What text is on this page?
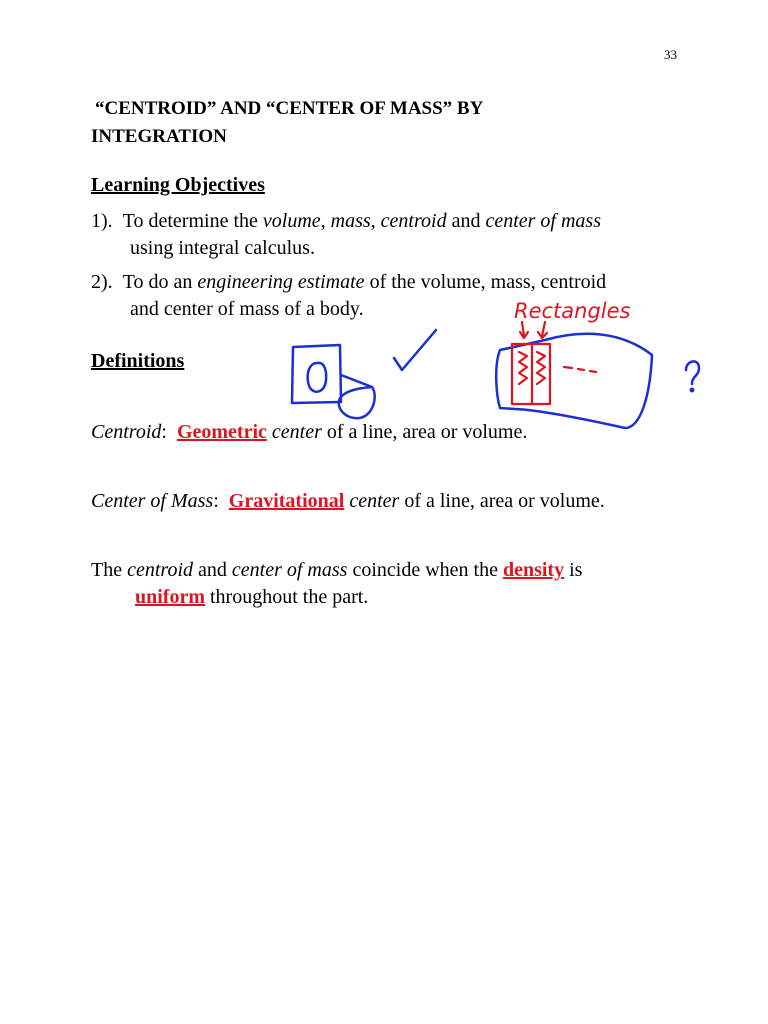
33
“CENTROID” AND “CENTER OF MASS” BY
INTEGRATION
Learning Objectives
1). To determine the volume, mass, centroid and center of mass
using integral calculus.
2). To do an engineering estimate of the volume, mass, centroid
and center of mass of a body.
Definitions
Centroid:  Geometric center of a line, area or volume.
Center of Mass:  Gravitational center of a line, area or volume.
The centroid and center of mass coincide when the density is
uniform throughout the part.
Rectangles
